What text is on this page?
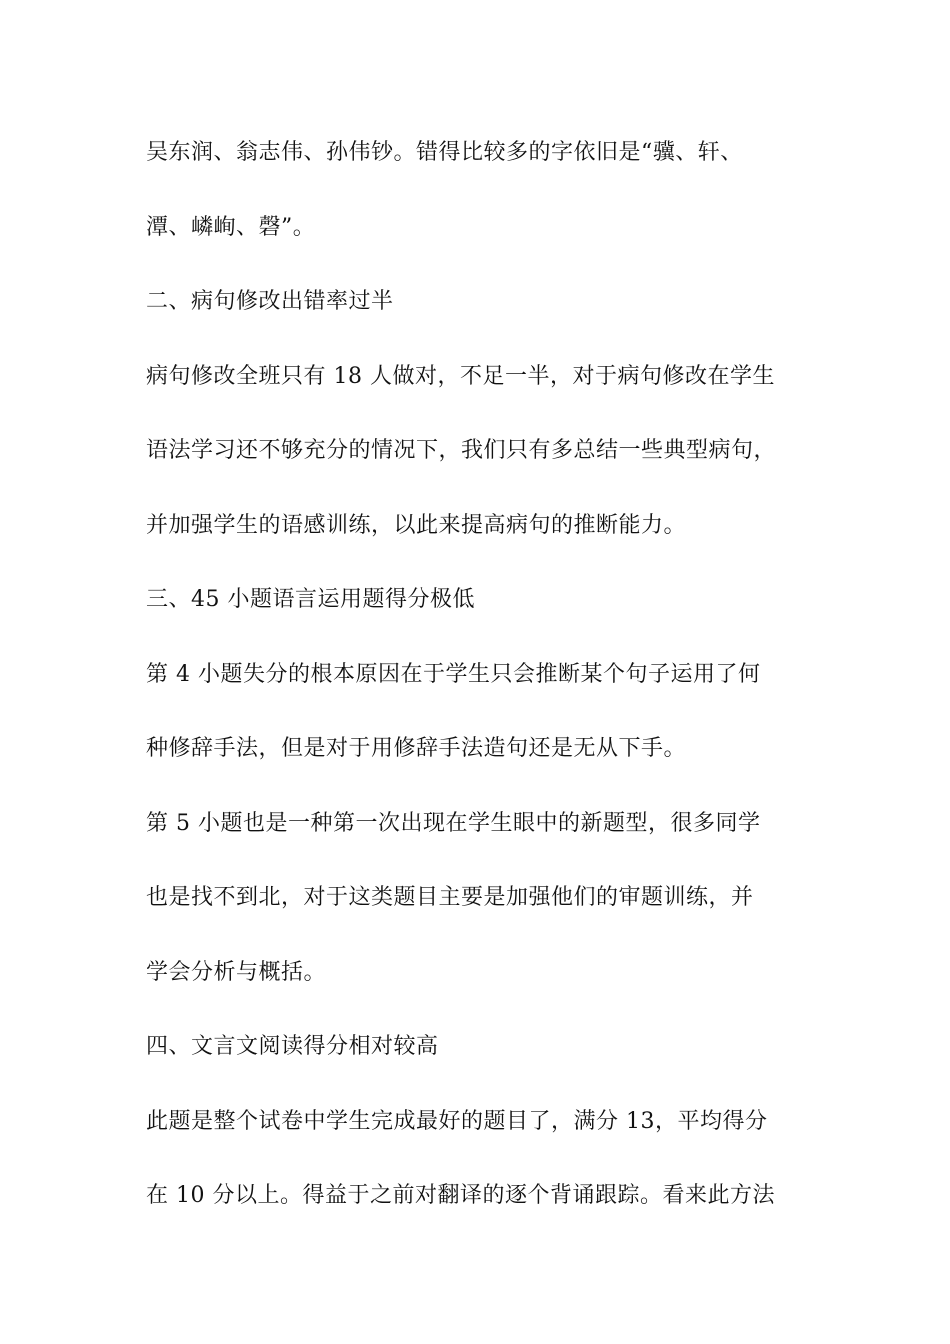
吴东润、翁志伟、孙伟钞。错得比较多的字依旧是“骥、轩、
潭、嶙峋、磬”。
二、病句修改出错率过半
病句修改全班只有 18 人做对，不足一半，对于病句修改在学生
语法学习还不够充分的情况下，我们只有多总结一些典型病句，
并加强学生的语感训练，以此来提高病句的推断能力。
三、45 小题语言运用题得分极低
第 4 小题失分的根本原因在于学生只会推断某个句子运用了何
种修辞手法，但是对于用修辞手法造句还是无从下手。
第 5 小题也是一种第一次出现在学生眼中的新题型，很多同学
也是找不到北，对于这类题目主要是加强他们的审题训练，并
学会分析与概括。
四、文言文阅读得分相对较高
此题是整个试卷中学生完成最好的题目了，满分 13，平均得分
在 10 分以上。得益于之前对翻译的逐个背诵跟踪。看来此方法
